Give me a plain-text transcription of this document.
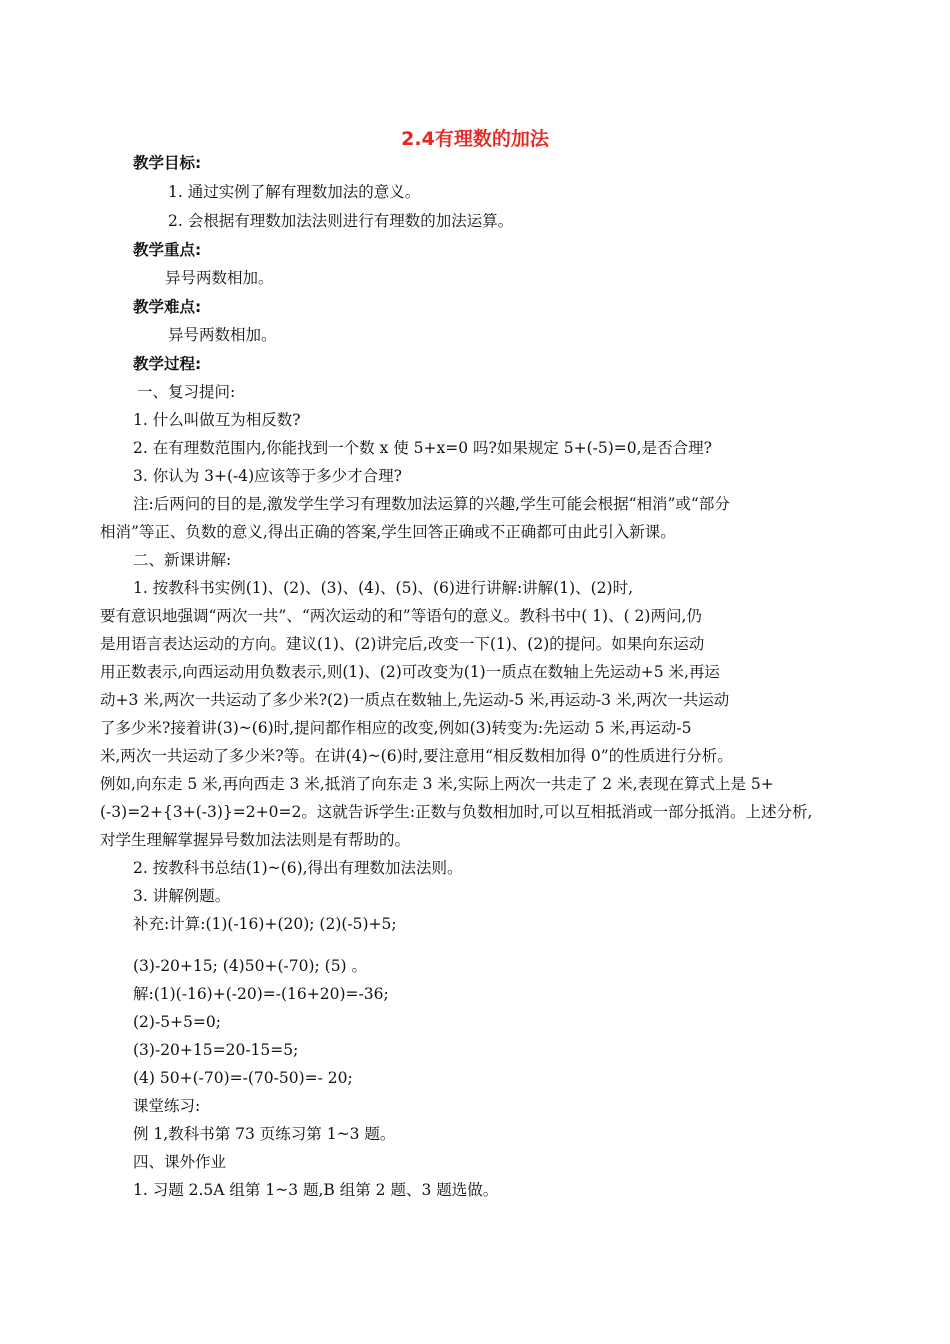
2.4有理数的加法
教学目标:
1. 通过实例了解有理数加法的意义。
2. 会根据有理数加法法则进行有理数的加法运算。
教学重点:
异号两数相加。
教学难点:
异号两数相加。
教学过程:
一、复习提问:
1. 什么叫做互为相反数?
2. 在有理数范围内,你能找到一个数 x 使 5+x=0 吗?如果规定 5+(-5)=0,是否合理?
3. 你认为 3+(-4)应该等于多少才合理?
注:后两问的目的是,激发学生学习有理数加法运算的兴趣,学生可能会根据“相消”或“部分
相消”等正、负数的意义,得出正确的答案,学生回答正确或不正确都可由此引入新课。
二、新课讲解:
1. 按教科书实例(1)、(2)、(3)、(4)、(5)、(6)进行讲解:讲解(1)、(2)时,
要有意识地强调“两次一共”、“两次运动的和”等语句的意义。教科书中( 1)、( 2)两问,仍
是用语言表达运动的方向。建议(1)、(2)讲完后,改变一下(1)、(2)的提问。如果向东运动
用正数表示,向西运动用负数表示,则(1)、(2)可改变为(1)一质点在数轴上先运动+5 米,再运
动+3 米,两次一共运动了多少米?(2)一质点在数轴上,先运动-5 米,再运动-3 米,两次一共运动
了多少米?接着讲(3)~(6)时,提问都作相应的改变,例如(3)转变为:先运动 5 米,再运动-5
米,两次一共运动了多少米?等。在讲(4)~(6)时,要注意用“相反数相加得 0”的性质进行分析。
例如,向东走 5 米,再向西走 3 米,抵消了向东走 3 米,实际上两次一共走了 2 米,表现在算式上是 5+
(-3)=2+{3+(-3)}=2+0=2。这就告诉学生:正数与负数相加时,可以互相抵消或一部分抵消。上述分析,
对学生理解掌握异号数加法法则是有帮助的。
2. 按教科书总结(1)~(6),得出有理数加法法则。
3. 讲解例题。
补充:计算:(1)(-16)+(20); (2)(-5)+5;
(3)-20+15; (4)50+(-70); (5) 。
解:(1)(-16)+(-20)=-(16+20)=-36;
(2)-5+5=0;
(3)-20+15=20-15=5;
(4) 50+(-70)=-(70-50)=- 20;
课堂练习:
例 1,教科书第 73 页练习第 1~3 题。
四、课外作业
1. 习题 2.5A 组第 1~3 题,B 组第 2 题、3 题选做。
